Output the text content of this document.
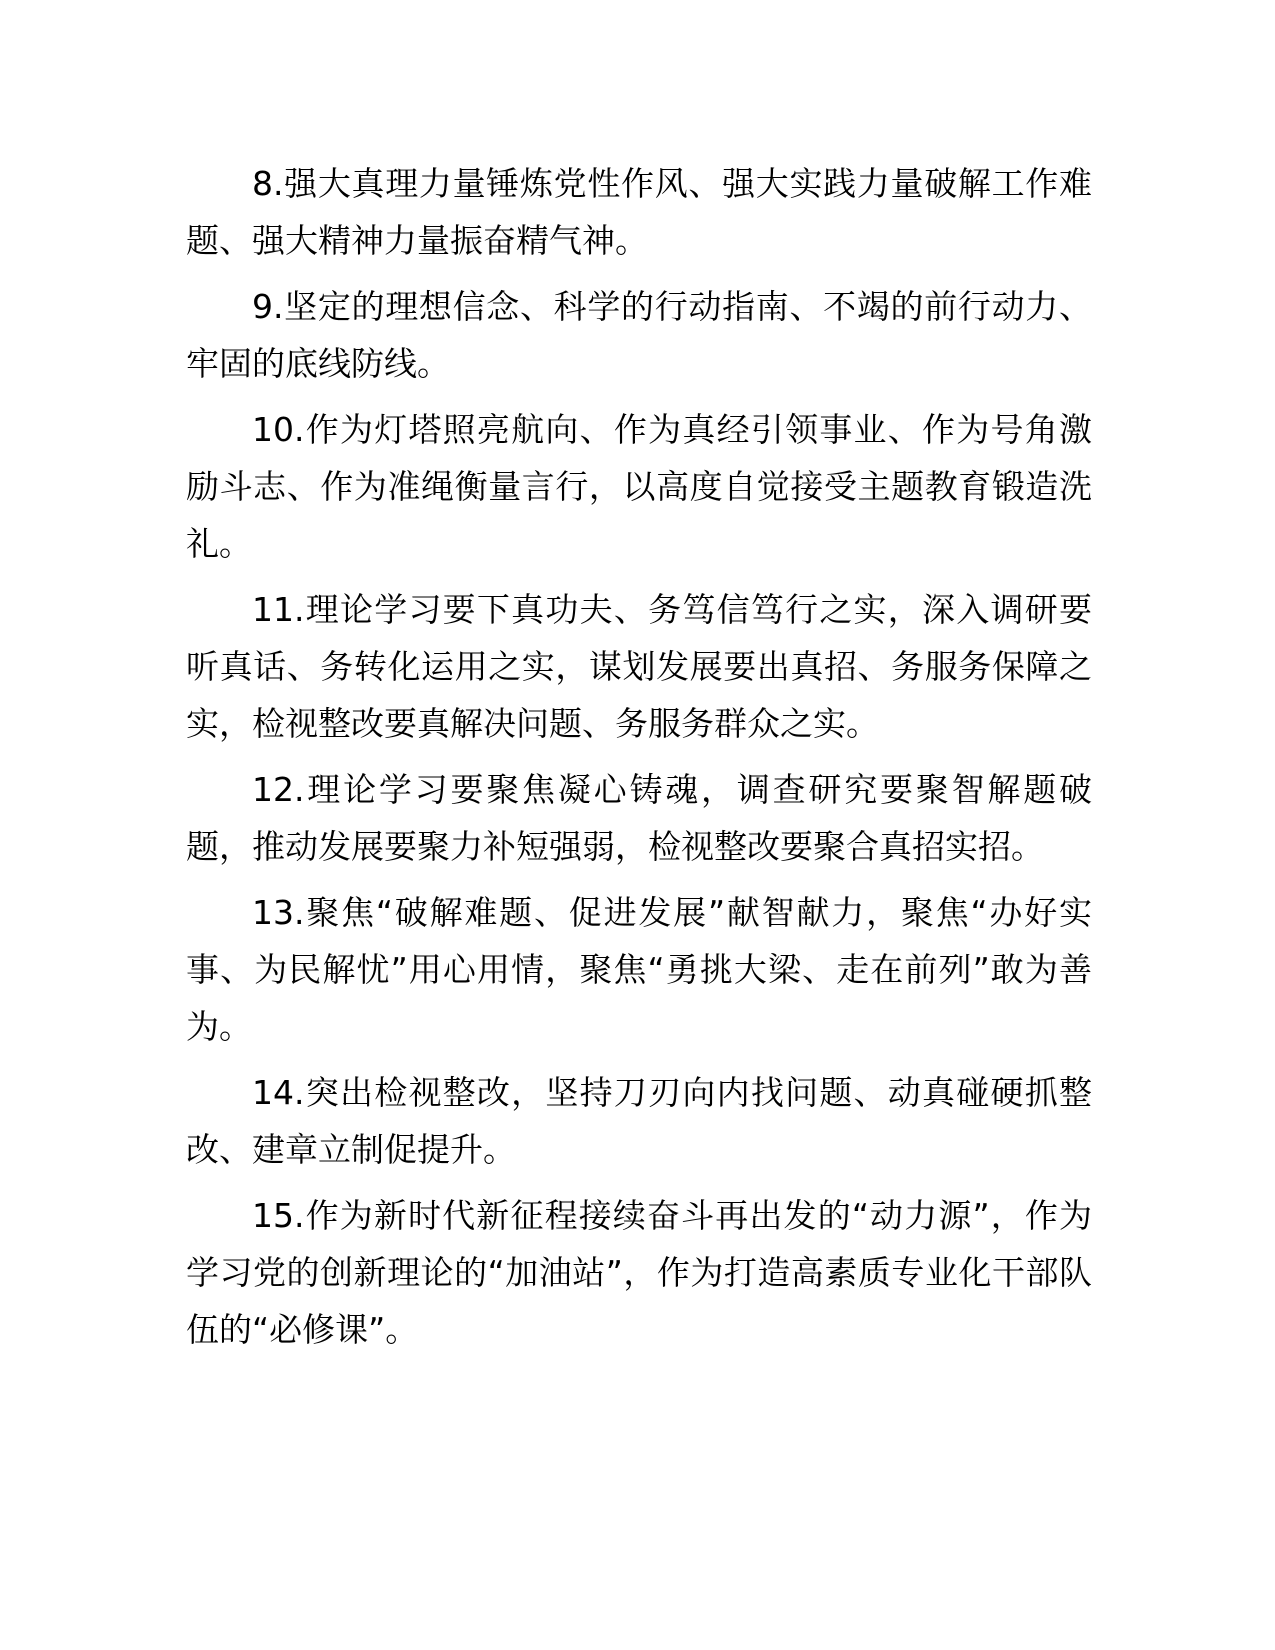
8.强大真理力量锤炼党性作风、强大实践力量破解工作难题、强大精神力量振奋精气神。

9.坚定的理想信念、科学的行动指南、不竭的前行动力、牢固的底线防线。

10.作为灯塔照亮航向、作为真经引领事业、作为号角激励斗志、作为准绳衡量言行，以高度自觉接受主题教育锻造洗礼。

11.理论学习要下真功夫、务笃信笃行之实，深入调研要听真话、务转化运用之实，谋划发展要出真招、务服务保障之实，检视整改要真解决问题、务服务群众之实。

12.理论学习要聚焦凝心铸魂，调查研究要聚智解题破题，推动发展要聚力补短强弱，检视整改要聚合真招实招。

13.聚焦“破解难题、促进发展”献智献力，聚焦“办好实事、为民解忧”用心用情，聚焦“勇挑大梁、走在前列”敢为善为。

14.突出检视整改，坚持刀刃向内找问题、动真碰硬抓整改、建章立制促提升。

15.作为新时代新征程接续奋斗再出发的“动力源”，作为学习党的创新理论的“加油站”，作为打造高素质专业化干部队伍的“必修课”。
